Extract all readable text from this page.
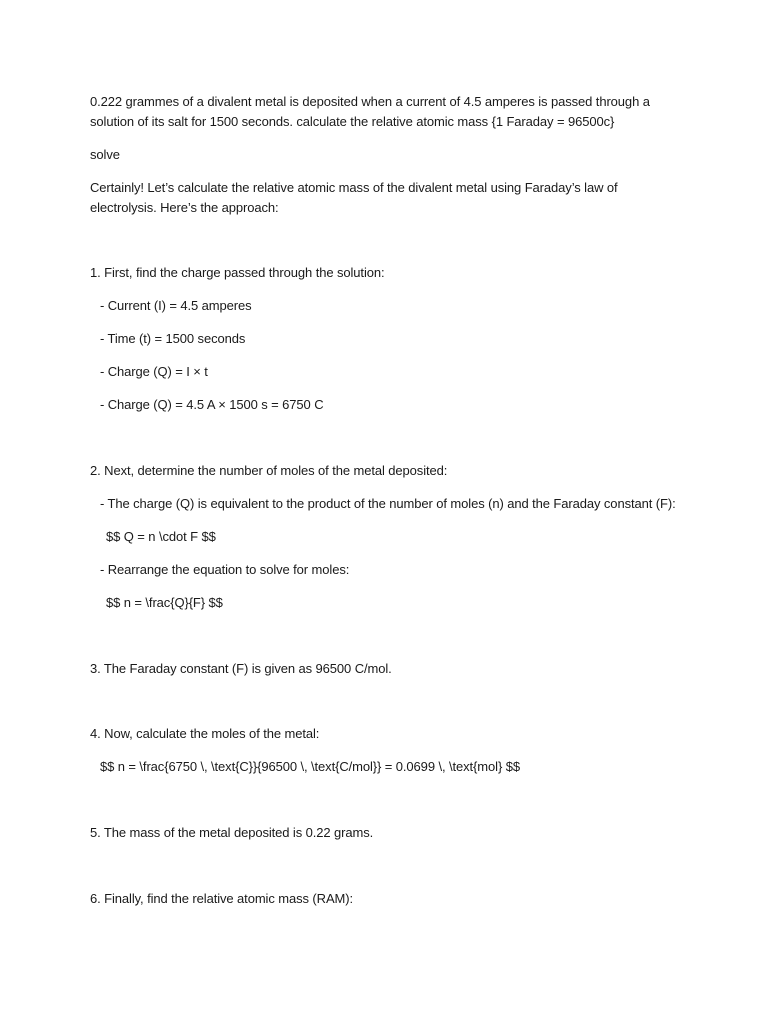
0.222 grammes of a divalent metal is deposited when a current of 4.5 amperes is passed through a
solution of its salt for 1500 seconds. calculate the relative atomic mass {1 Faraday = 96500c}
solve
Certainly! Let’s calculate the relative atomic mass of the divalent metal using Faraday’s law of
electrolysis. Here’s the approach:
1. First, find the charge passed through the solution:
- Current (I) = 4.5 amperes
- Time (t) = 1500 seconds
- Charge (Q) = I × t
- Charge (Q) = 4.5 A × 1500 s = 6750 C
2. Next, determine the number of moles of the metal deposited:
- The charge (Q) is equivalent to the product of the number of moles (n) and the Faraday constant (F):
$$ Q = n \cdot F $$
- Rearrange the equation to solve for moles:
$$ n = \frac{Q}{F} $$
3. The Faraday constant (F) is given as 96500 C/mol.
4. Now, calculate the moles of the metal:
$$ n = \frac{6750 \, \text{C}}{96500 \, \text{C/mol}} = 0.0699 \, \text{mol} $$
5. The mass of the metal deposited is 0.22 grams.
6. Finally, find the relative atomic mass (RAM):
